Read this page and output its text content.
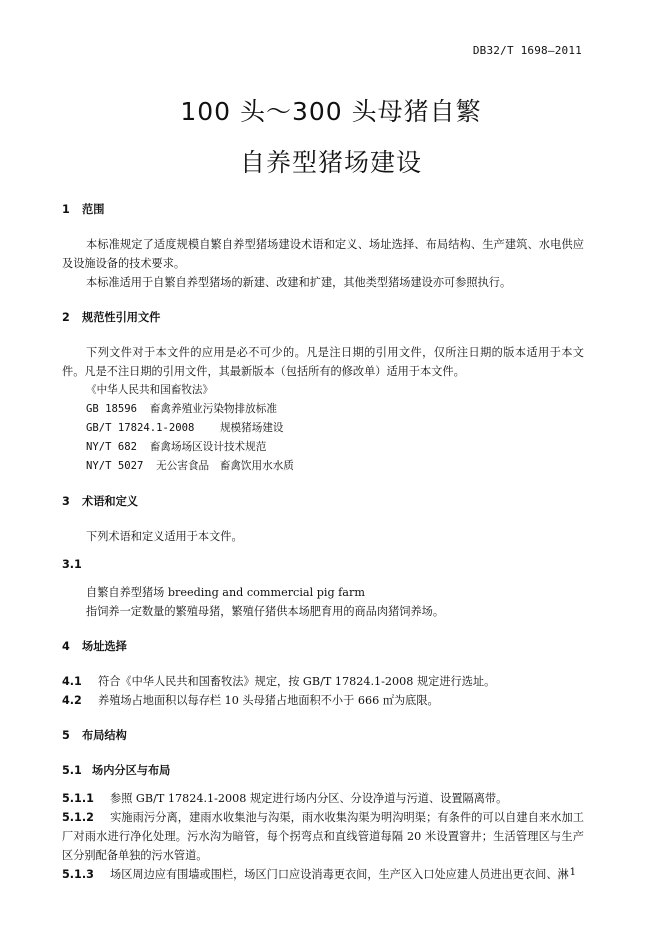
DB32/T 1698—2011
100 头～300 头母猪自繁
自养型猪场建设

1 范围

本标准规定了适度规模自繁自养型猪场建设术语和定义、场址选择、布局结构、生产建筑、水电供应及设施设备的技术要求。

本标准适用于自繁自养型猪场的新建、改建和扩建，其他类型猪场建设亦可参照执行。

2 规范性引用文件

下列文件对于本文件的应用是必不可少的。凡是注日期的引用文件，仅所注日期的版本适用于本文件。凡是不注日期的引用文件，其最新版本（包括所有的修改单）适用于本文件。

《中华人民共和国畜牧法》

GB 18596 畜禽养殖业污染物排放标准

GB/T 17824.1-2008 规模猪场建设

NY/T 682 畜禽场场区设计技术规范

NY/T 5027 无公害食品　畜禽饮用水水质

3 术语和定义

下列术语和定义适用于本文件。

3.1

自繁自养型猪场 breeding and commercial pig farm

指饲养一定数量的繁殖母猪，繁殖仔猪供本场肥育用的商品肉猪饲养场。

4 场址选择

4.1 符合《中华人民共和国畜牧法》规定，按 GB/T 17824.1-2008 规定进行选址。

4.2 养殖场占地面积以每存栏 10 头母猪占地面积不小于 666 ㎡为底限。

5 布局结构

5.1 场内分区与布局

5.1.1 参照 GB/T 17824.1-2008 规定进行场内分区、分设净道与污道、设置隔离带。

5.1.2 实施雨污分离，建雨水收集池与沟渠，雨水收集沟渠为明沟明渠；有条件的可以自建自来水加工厂对雨水进行净化处理。污水沟为暗管，每个拐弯点和直线管道每隔 20 米设置窨井；生活管理区与生产区分别配备单独的污水管道。

5.1.3 场区周边应有围墙或围栏，场区门口应设消毒更衣间，生产区入口处应建人员进出更衣间、淋 1
